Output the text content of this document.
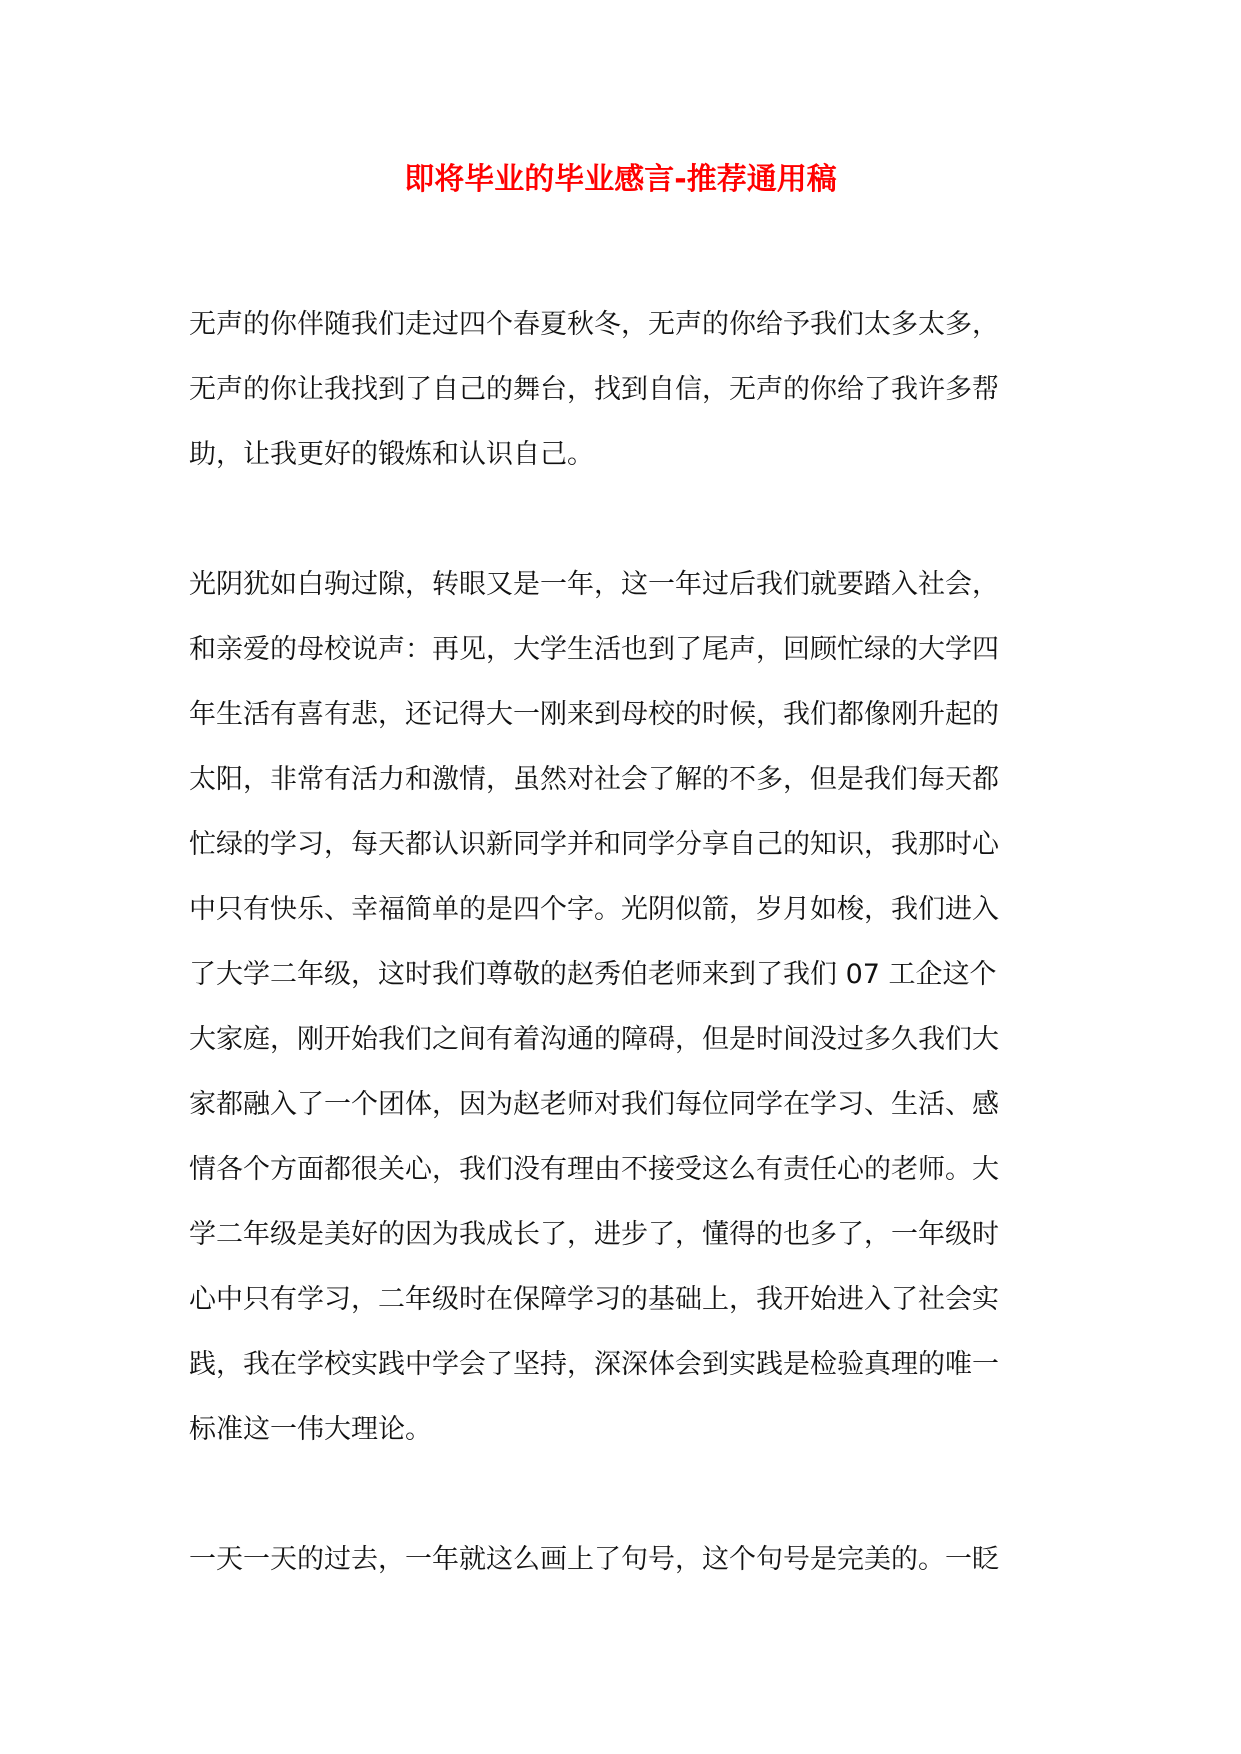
即将毕业的毕业感言-推荐通用稿
无声的你伴随我们走过四个春夏秋冬，无声的你给予我们太多太多，
无声的你让我找到了自己的舞台，找到自信，无声的你给了我许多帮
助，让我更好的锻炼和认识自己。
光阴犹如白驹过隙，转眼又是一年，这一年过后我们就要踏入社会，
和亲爱的母校说声：再见，大学生活也到了尾声，回顾忙绿的大学四
年生活有喜有悲，还记得大一刚来到母校的时候，我们都像刚升起的
太阳，非常有活力和激情，虽然对社会了解的不多，但是我们每天都
忙绿的学习，每天都认识新同学并和同学分享自己的知识，我那时心
中只有快乐、幸福简单的是四个字。光阴似箭，岁月如梭，我们进入
了大学二年级，这时我们尊敬的赵秀伯老师来到了我们 07 工企这个
大家庭，刚开始我们之间有着沟通的障碍，但是时间没过多久我们大
家都融入了一个团体，因为赵老师对我们每位同学在学习、生活、感
情各个方面都很关心，我们没有理由不接受这么有责任心的老师。大
学二年级是美好的因为我成长了，进步了，懂得的也多了，一年级时
心中只有学习，二年级时在保障学习的基础上，我开始进入了社会实
践，我在学校实践中学会了坚持，深深体会到实践是检验真理的唯一
标准这一伟大理论。
一天一天的过去，一年就这么画上了句号，这个句号是完美的。一眨
